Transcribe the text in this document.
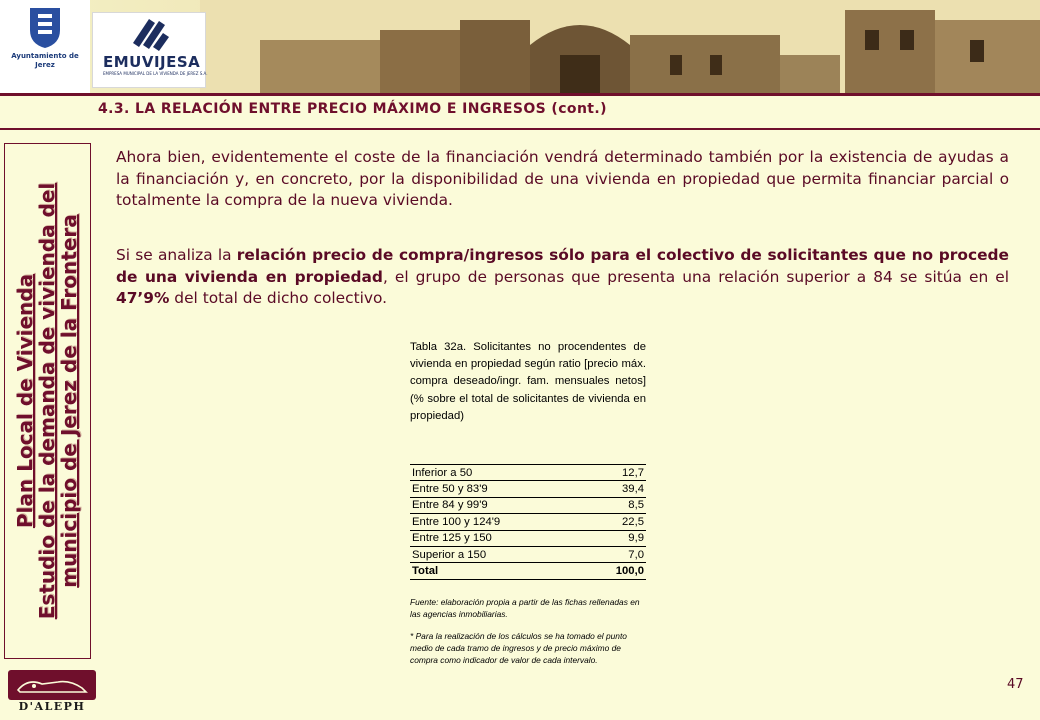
Ayuntamiento de Jerez	EMUVIJESA
EMPRESA MUNICIPAL DE LA VIVIENDA DE JEREZ S.A.
4.3. LA RELACIÓN ENTRE PRECIO MÁXIMO E INGRESOS (cont.)
Plan Local de Vivienda
Estudio de la demanda de vivienda del
municipio de Jerez de la Frontera
Ahora bien, evidentemente el coste de la financiación vendrá determinado también por la existencia de ayudas a la financiación y, en concreto, por la disponibilidad de una vivienda en propiedad que permita financiar parcial o totalmente la compra de la nueva vivienda.
Si se analiza la relación precio de compra/ingresos sólo para el colectivo de solicitantes que no procede de una vivienda en propiedad, el grupo de personas que presenta una relación superior a 84 se sitúa en el 47’9% del total de dicho colectivo.
Tabla 32a. Solicitantes no procendentes de vivienda en propiedad según ratio [precio máx. compra deseado/ingr. fam. mensuales netos] (% sobre el total de solicitantes de vivienda en propiedad)
Inferior a 50	12,7
Entre 50 y 83'9	39,4
Entre 84 y 99'9	8,5
Entre 100 y 124'9	22,5
Entre 125 y 150	9,9
Superior a 150	7,0
Total	100,0
Fuente: elaboración propia a partir de las fichas rellenadas en las agencias inmobiliarias.
* Para la realización de los cálculos se ha tomado el punto medio de cada tramo de ingresos y de precio máximo de compra como indicador de valor de cada intervalo.
D'ALEPH
47
